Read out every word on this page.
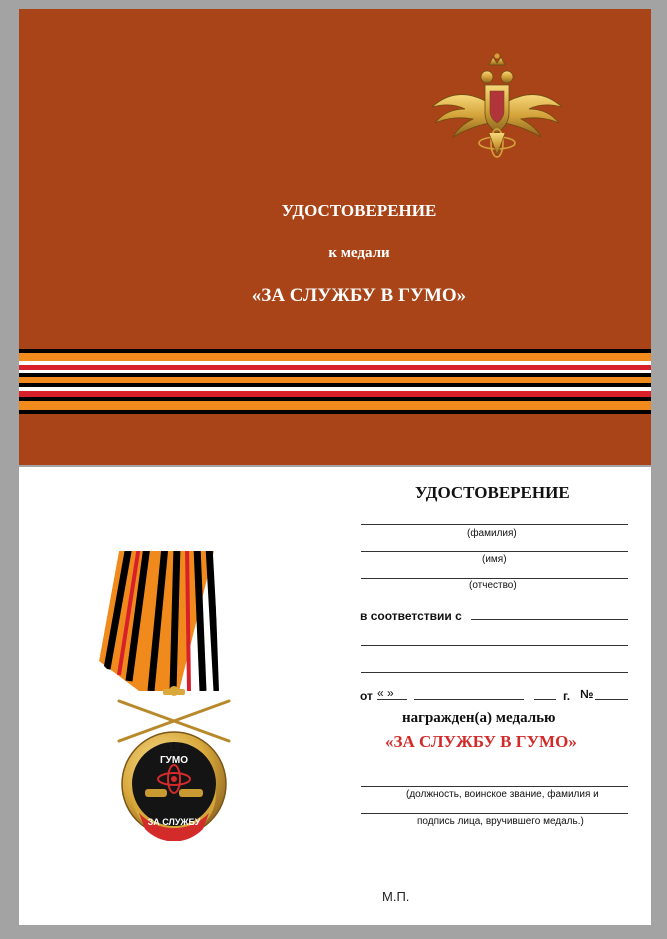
УДОСТОВЕРЕНИЕ
к медали
«ЗА СЛУЖБУ В ГУМО»
12
ГУМО
ЗА СЛУЖБУ
УДОСТОВЕРЕНИЕ
(фамилия)
(имя)
(отчество)
в соответствии с
от « »	г. №
награжден(а) медалью
«ЗА СЛУЖБУ В ГУМО»
(должность, воинское звание, фамилия и
подпись лица, вручившего медаль.)
М.П.
